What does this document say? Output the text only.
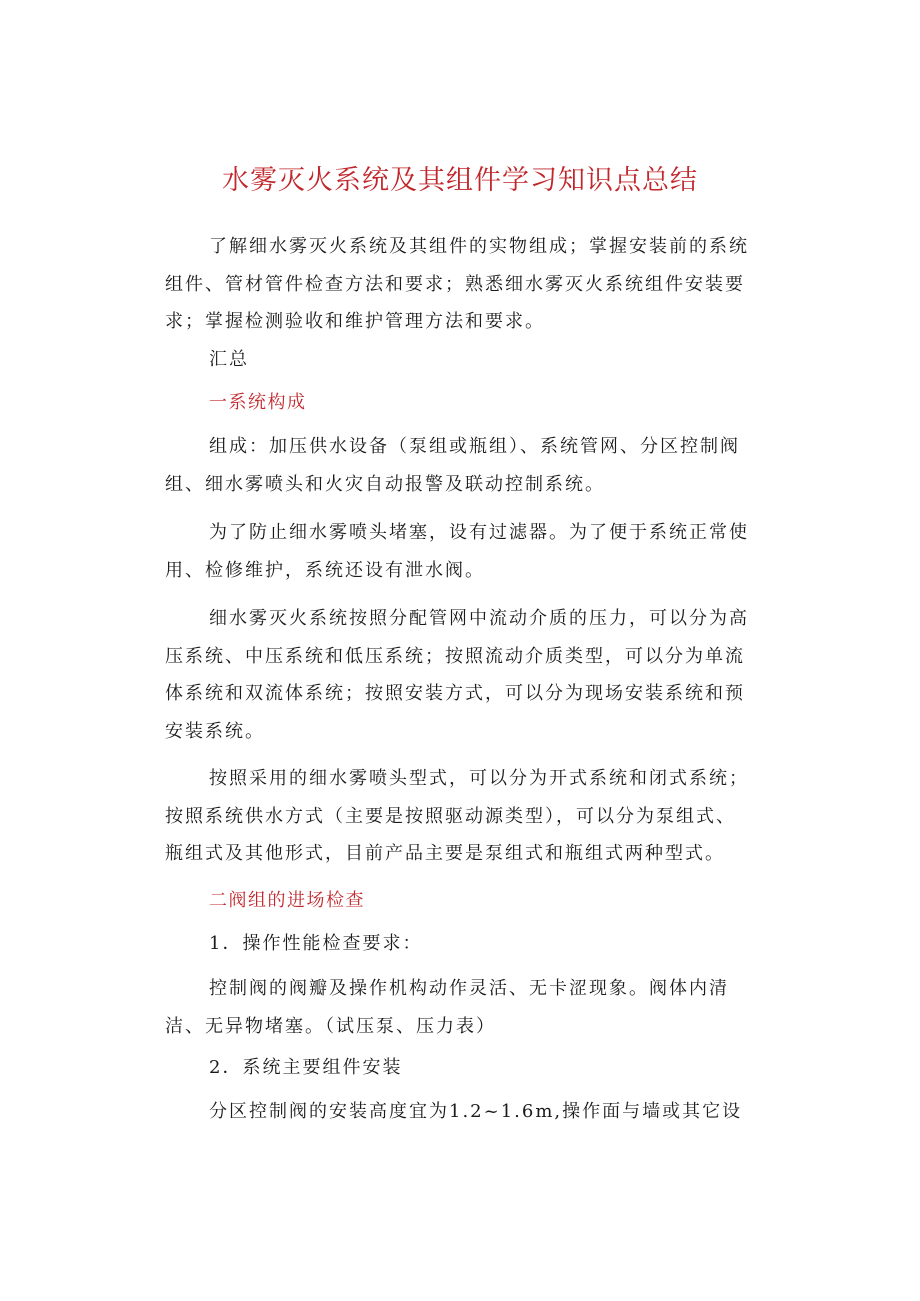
水雾灭火系统及其组件学习知识点总结

了解细水雾灭火系统及其组件的实物组成；掌握安装前的系统组件、管材管件检查方法和要求；熟悉细水雾灭火系统组件安装要求；掌握检测验收和维护管理方法和要求。

汇总

一系统构成

组成：加压供水设备（泵组或瓶组）、系统管网、分区控制阀组、细水雾喷头和火灾自动报警及联动控制系统。

为了防止细水雾喷头堵塞，设有过滤器。为了便于系统正常使用、检修维护，系统还设有泄水阀。

细水雾灭火系统按照分配管网中流动介质的压力，可以分为高压系统、中压系统和低压系统；按照流动介质类型，可以分为单流体系统和双流体系统；按照安装方式，可以分为现场安装系统和预安装系统。

按照采用的细水雾喷头型式，可以分为开式系统和闭式系统；按照系统供水方式（主要是按照驱动源类型），可以分为泵组式、瓶组式及其他形式，目前产品主要是泵组式和瓶组式两种型式。

二阀组的进场检查

1．操作性能检查要求：

控制阀的阀瓣及操作机构动作灵活、无卡涩现象。阀体内清洁、无异物堵塞。（试压泵、压力表）

2．系统主要组件安装

分区控制阀的安装高度宜为1.2~1.6m,操作面与墙或其它设
